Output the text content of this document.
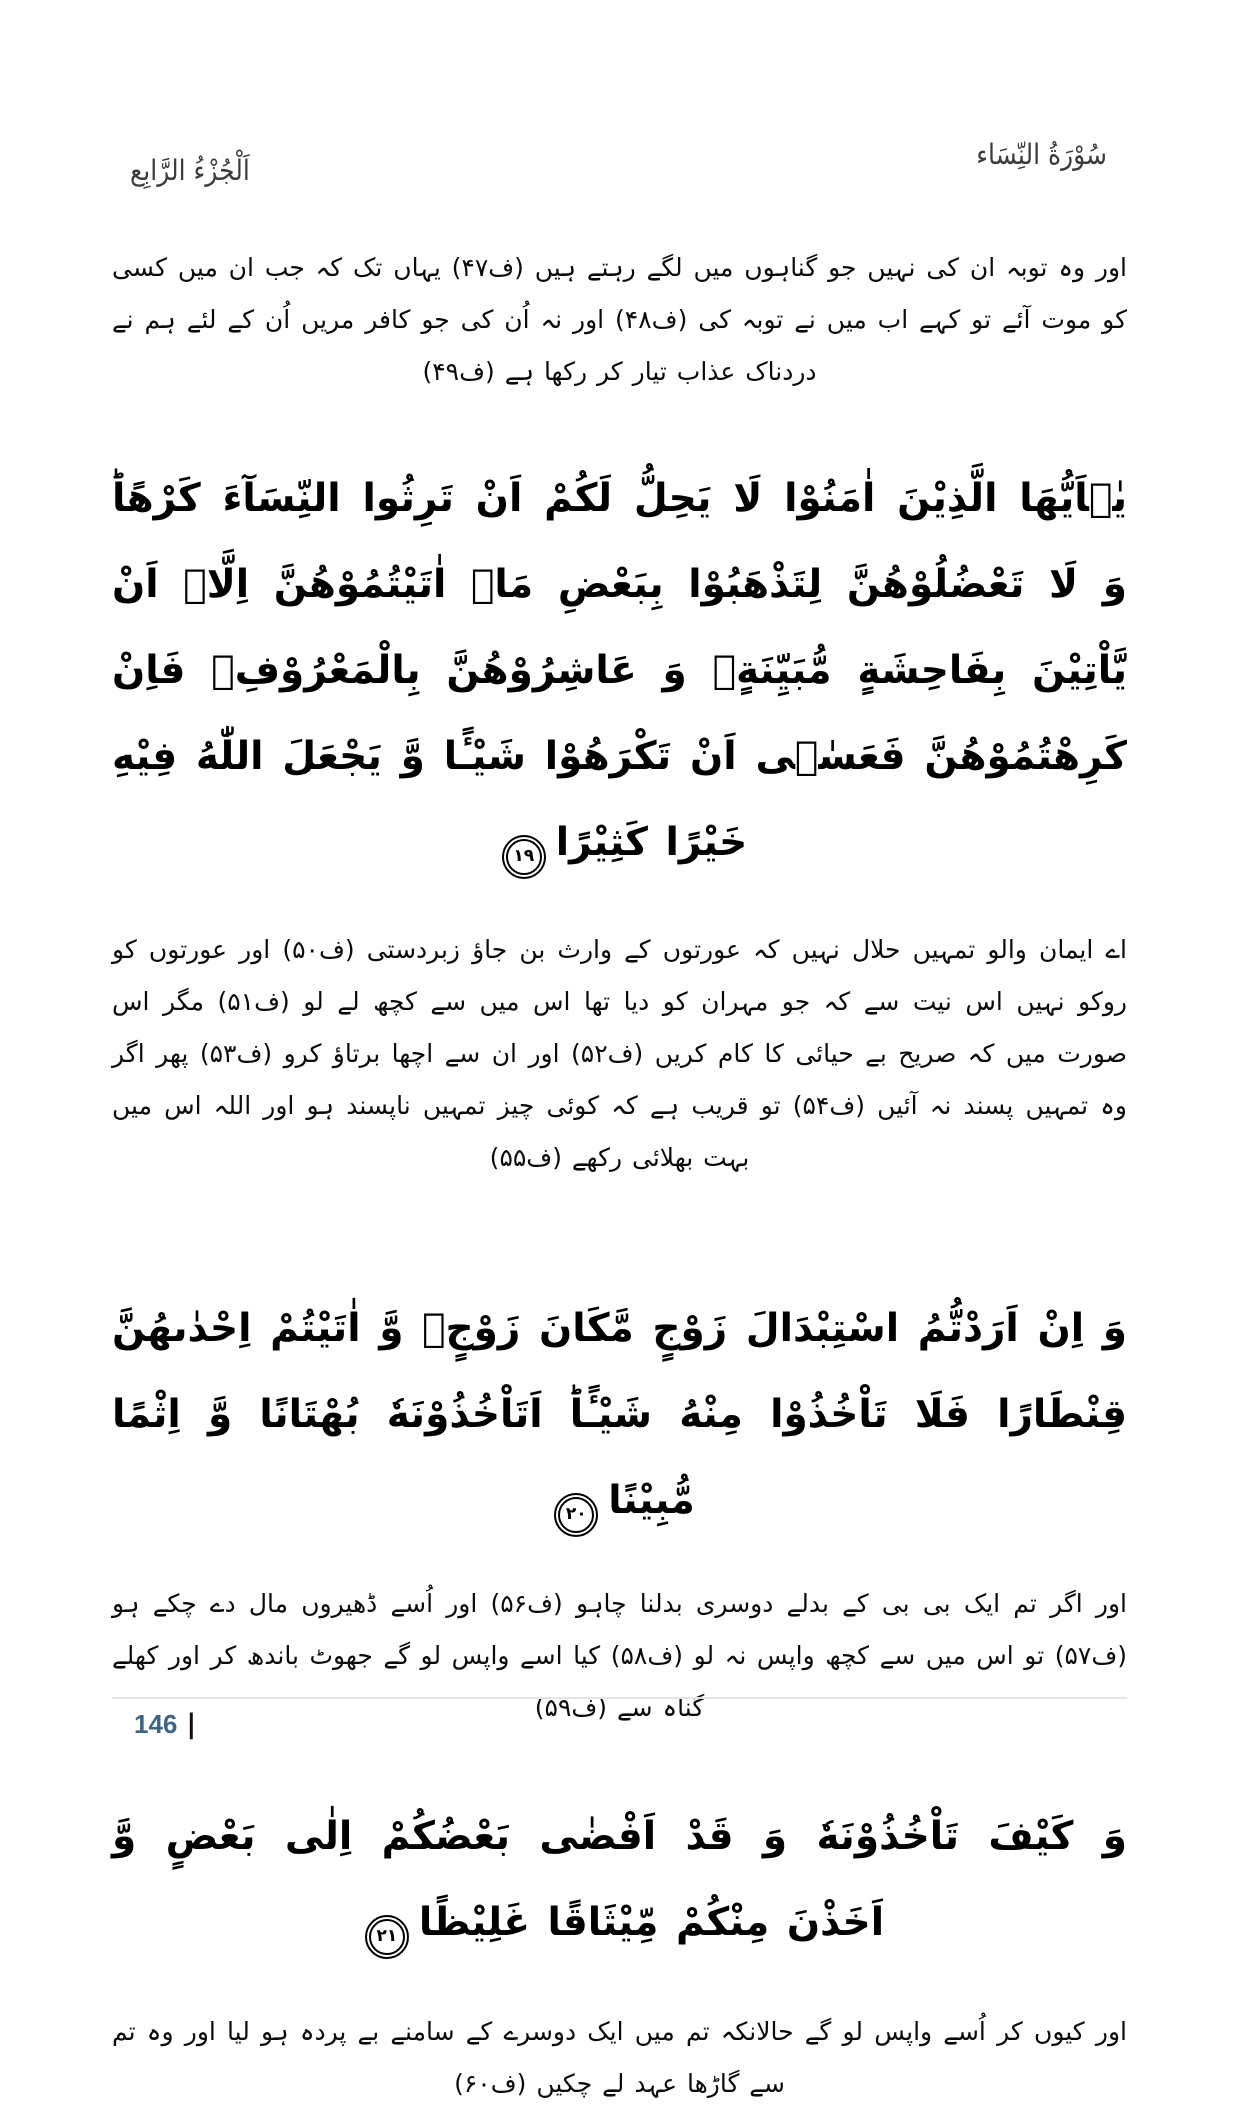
اَلْجُزْءُ الرَّابِع	سُوْرَةُ النِّسَاء

اور وہ توبہ ان کی نہیں جو گناہوں میں لگے رہتے ہیں (ف۴۷) یہاں تک کہ جب ان میں کسی کو موت آئے تو کہے اب میں نے توبہ کی (ف۴۸) اور نہ اُن کی جو کافر مریں اُن کے لئے ہم نے دردناک عذاب تیار کر رکھا ہے (ف۴۹)

يٰۤاَيُّهَا الَّذِيْنَ اٰمَنُوْا لَا يَحِلُّ لَكُمْ اَنْ تَرِثُوا النِّسَآءَ كَرْهًاؕ وَ لَا تَعْضُلُوْهُنَّ لِتَذْهَبُوْا بِبَعْضِ مَاۤ اٰتَيْتُمُوْهُنَّ اِلَّاۤ اَنْ يَّاْتِيْنَ بِفَاحِشَةٍ مُّبَيِّنَةٍۚ وَ عَاشِرُوْهُنَّ بِالْمَعْرُوْفِۚ فَاِنْ كَرِهْتُمُوْهُنَّ فَعَسٰۤى اَنْ تَكْرَهُوْا شَيْـًٔا وَّ يَجْعَلَ اللّٰهُ فِيْهِ خَيْرًا كَثِيْرًا۱۹

اے ایمان والو تمہیں حلال نہیں کہ عورتوں کے وارث بن جاؤ زبردستی (ف۵۰) اور عورتوں کو روکو نہیں اس نیت سے کہ جو مہران کو دیا تھا اس میں سے کچھ لے لو (ف۵۱) مگر اس صورت میں کہ صریح بے حیائی کا کام کریں (ف۵۲) اور ان سے اچھا برتاؤ کرو (ف۵۳) پھر اگر وہ تمہیں پسند نہ آئیں (ف۵۴) تو قریب ہے کہ کوئی چیز تمہیں ناپسند ہو اور اللہ اس میں بہت بھلائی رکھے (ف۵۵)

وَ اِنْ اَرَدْتُّمُ اسْتِبْدَالَ زَوْجٍ مَّكَانَ زَوْجٍۙ وَّ اٰتَيْتُمْ اِحْدٰىهُنَّ قِنْطَارًا فَلَا تَاْخُذُوْا مِنْهُ شَيْـًٔاؕ اَتَاْخُذُوْنَهٗ بُهْتَانًا وَّ اِثْمًا مُّبِيْنًا۲۰

اور اگر تم ایک بی بی کے بدلے دوسری بدلنا چاہو (ف۵۶) اور اُسے ڈھیروں مال دے چکے ہو (ف۵۷) تو اس میں سے کچھ واپس نہ لو (ف۵۸) کیا اسے واپس لو گے جھوٹ باندھ کر اور کھلے گناہ سے (ف۵۹)

وَ كَيْفَ تَاْخُذُوْنَهٗ وَ قَدْ اَفْضٰى بَعْضُكُمْ اِلٰى بَعْضٍ وَّ اَخَذْنَ مِنْكُمْ مِّيْثَاقًا غَلِيْظًا۲۱

اور کیوں کر اُسے واپس لو گے حالانکہ تم میں ایک دوسرے کے سامنے بے پردہ ہو لیا اور وہ تم سے گاڑھا عہد لے چکیں (ف۶۰)

146 |
